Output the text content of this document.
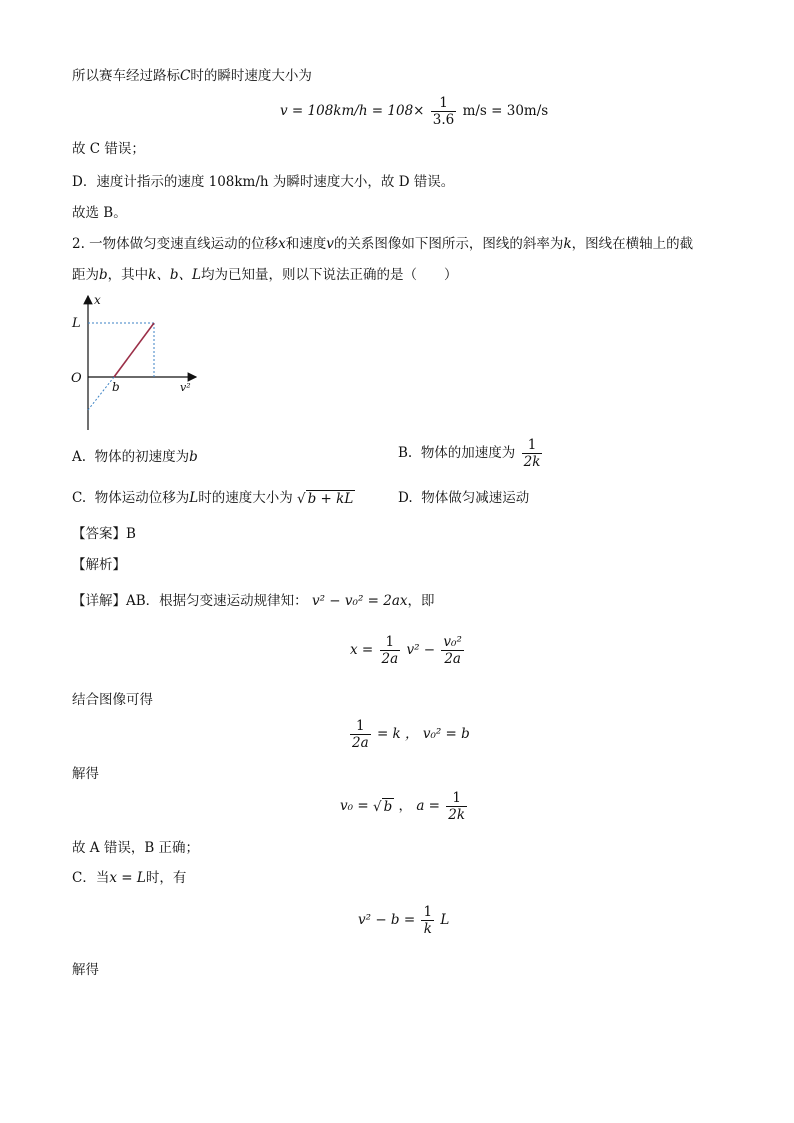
所以赛车经过路标C时的瞬时速度大小为
$v = 108km/h = 108\times \frac{1}{3.6} m/s = 30m/s$
故 C 错误；
D．速度计指示的速度 108km/h 为瞬时速度大小，故 D 错误。
故选 B。
2. 一物体做匀变速直线运动的位移x和速度v的关系图像如下图所示，图线的斜率为k，图线在横轴上的截
距为b，其中k、b、L均为已知量，则以下说法正确的是（　　）
x
L
O
b	v²
A. 物体的初速度为b	B. 物体的加速度为 $\frac{1}{2k}$
C. 物体运动位移为L时的速度大小为 √ b + kL	D. 物体做匀减速运动
【答案】B
【解析】
【详解】AB．根据匀变速运动规律知： v² − v₀² = 2ax，即
$x = \frac{1}{2a} v^2 - \frac{\text{v₀²}}{2a}$
结合图像可得
$\frac{1}{2a} = k$ ， v₀² = b
解得
v₀ = √ b ， $a = \frac{1}{2k}$
故 A 错误，B 正确；
C．当x = L时，有
$v^2 - b = \frac{1}{k}$ L
解得
